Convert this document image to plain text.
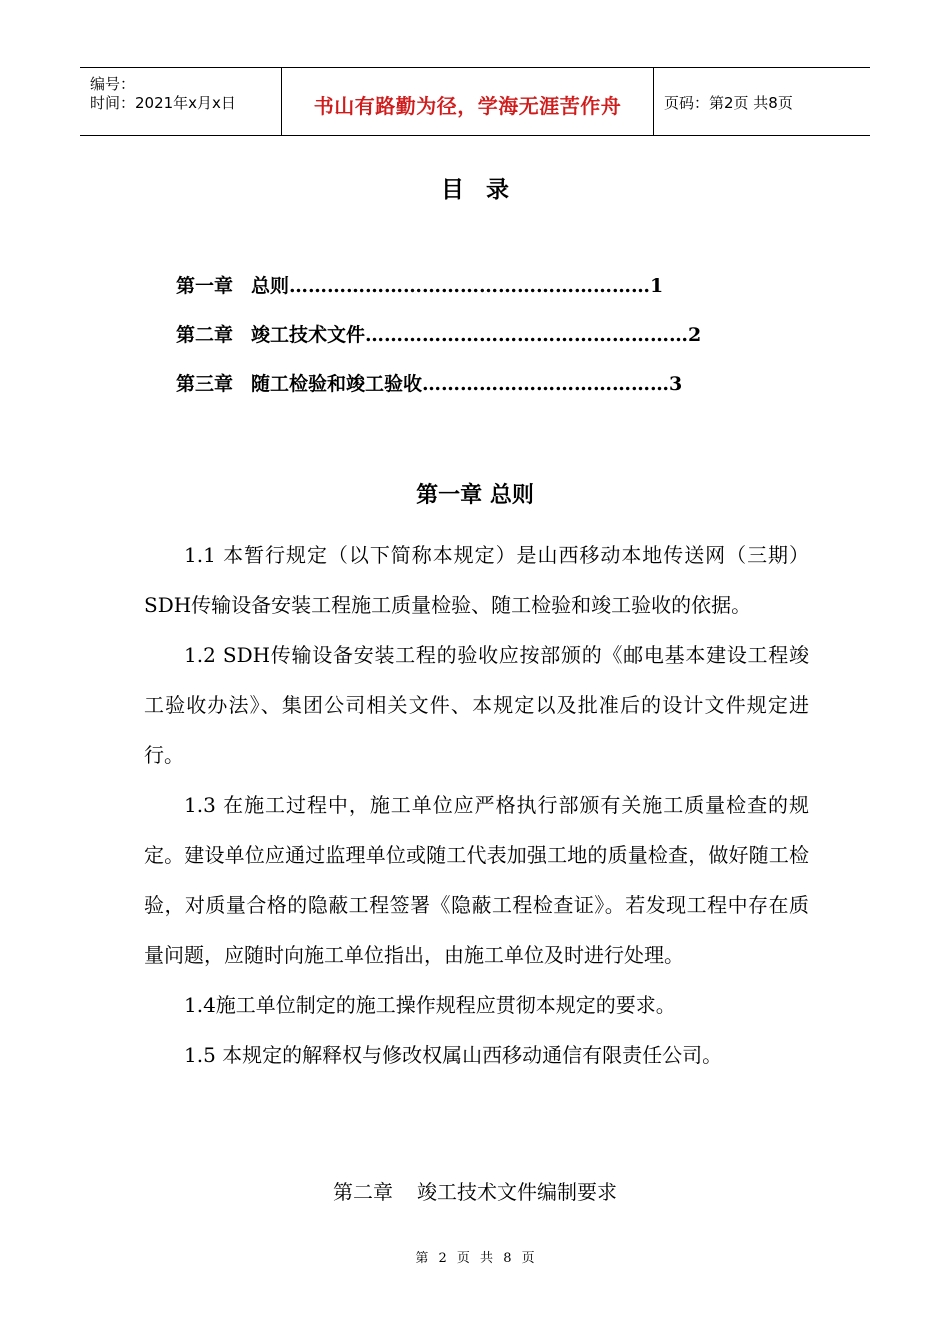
编号：
时间：2021年x月x日	书山有路勤为径，学海无涯苦作舟	页码：第2页 共8页
目录
第一章 总则…………………………………………………1
第二章 竣工技术文件……………………………………………2
第三章 随工检验和竣工验收…………………………………3
第一章 总则

1.1 本暂行规定（以下简称本规定）是山西移动本地传送网（三期）SDH传输设备安装工程施工质量检验、随工检验和竣工验收的依据。

1.2 SDH传输设备安装工程的验收应按部颁的《邮电基本建设工程竣工验收办法》、集团公司相关文件、本规定以及批准后的设计文件规定进行。

1.3 在施工过程中，施工单位应严格执行部颁有关施工质量检查的规定。建设单位应通过监理单位或随工代表加强工地的质量检查，做好随工检验，对质量合格的隐蔽工程签署《隐蔽工程检查证》。若发现工程中存在质量问题，应随时向施工单位指出，由施工单位及时进行处理。

1.4施工单位制定的施工操作规程应贯彻本规定的要求。

1.5 本规定的解释权与修改权属山西移动通信有限责任公司。

第二章 竣工技术文件编制要求
第 2 页 共 8 页
